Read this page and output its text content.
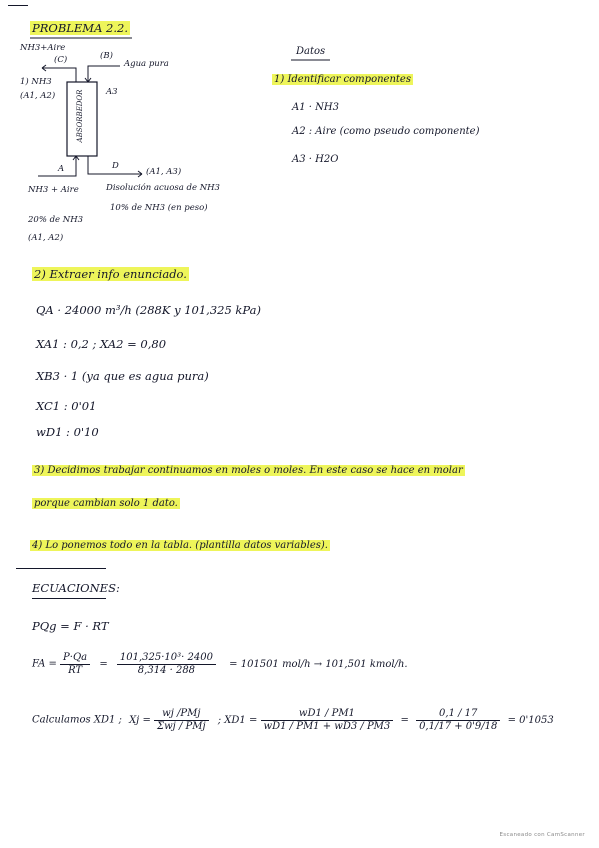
PROBLEMA 2.2.
NH3+Aire
(C)	(B)
Agua pura
1) NH3
(A1, A2)	ABSORBEDOR	A3
A	D
(A1, A3)
NH3 + Aire	Disolución acuosa de NH3
10% de NH3 (en peso)
20% de NH3
(A1, A2)
Datos
1) Identificar componentes
A1 · NH3
A2 : Aire (como pseudo componente)
A3 · H2O
2) Extraer info enunciado.
QA · 24000 m³/h (288K y 101,325 kPa)
XA1 : 0,2 ; XA2 = 0,80
XB3 · 1 (ya que es agua pura)
XC1 : 0'01
wD1 : 0'10
3) Decidimos trabajar continuamos en moles o moles. En este caso se hace en molar
porque cambian solo 1 dato.
4) Lo ponemos todo en la tabla. (plantilla datos variables).
ECUACIONES:
PQg = F · RT
FA = $\frac{P\cdot Qa}{RT} = \frac{\text{101,325·10³· 2400}}{8,314 \cdot 288} = 101501$ mol/h → 101,501 kmol/h.
Calculamos XD1 ; $Xj = \frac{\text{wj /PMj}}{\text{Σwj / PMj}}$ ; $XD1 = \frac{wD1 / PM1}{wD1 / PM1 + wD3 / PM3} = \frac{0,1 / 17}{0,1/17 + 0'9/18} = 0'1053$
Escaneado con CamScanner
